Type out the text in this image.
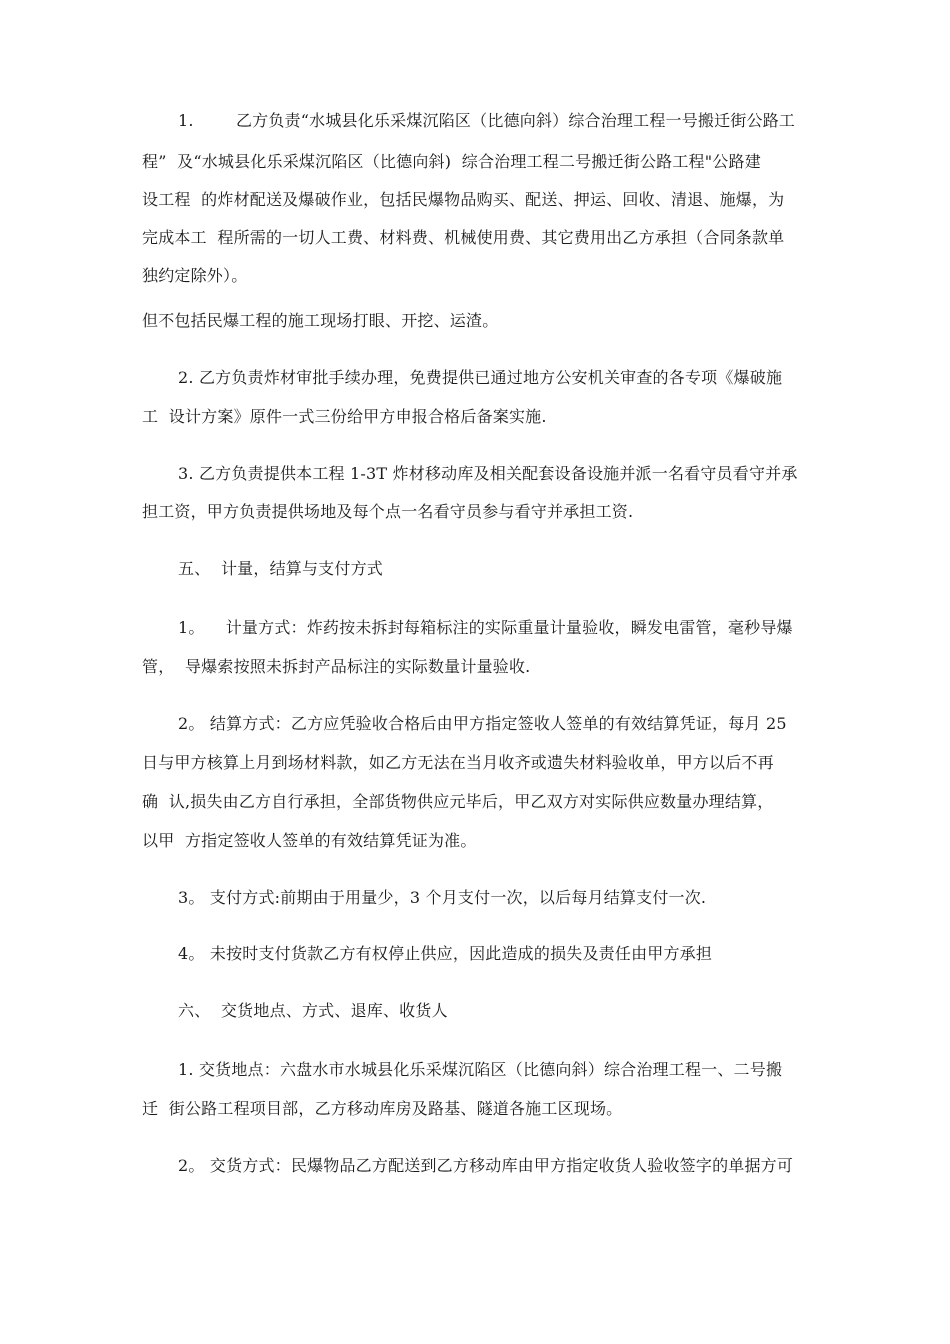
1.        乙方负责“水城县化乐采煤沉陷区（比德向斜）综合治理工程一号搬迁街公路工
程”  及“水城县化乐采煤沉陷区（比德向斜)  综合治理工程二号搬迁街公路工程"公路建
设工程  的炸材配送及爆破作业，包括民爆物品购买、配送、押运、回收、清退、施爆，为
完成本工  程所需的一切人工费、材料费、机械使用费、其它费用出乙方承担（合同条款单
独约定除外）。
但不包括民爆工程的施工现场打眼、开挖、运渣。
2. 乙方负责炸材审批手续办理，免费提供已通过地方公安机关审查的各专项《爆破施
工  设计方案》原件一式三份给甲方申报合格后备案实施.
3. 乙方负责提供本工程 1-3T 炸材移动库及相关配套设备设施并派一名看守员看守并承
担工资，甲方负责提供场地及每个点一名看守员参与看守并承担工资.
五、  计量，结算与支付方式
1。    计量方式：炸药按未拆封每箱标注的实际重量计量验收，瞬发电雷管，毫秒导爆
管，  导爆索按照未拆封产品标注的实际数量计量验收.
2。 结算方式：乙方应凭验收合格后由甲方指定签收人签单的有效结算凭证，每月 25
日与甲方核算上月到场材料款，如乙方无法在当月收齐或遗失材料验收单，甲方以后不再
确  认,损失由乙方自行承担，全部货物供应元毕后，甲乙双方对实际供应数量办理结算，
以甲  方指定签收人签单的有效结算凭证为准。
3。 支付方式:前期由于用量少，3 个月支付一次，以后每月结算支付一次.
4。 未按时支付货款乙方有权停止供应，因此造成的损失及责任由甲方承担
六、  交货地点、方式、退库、收货人
1. 交货地点：六盘水市水城县化乐采煤沉陷区（比德向斜）综合治理工程一、二号搬
迁  街公路工程项目部，乙方移动库房及路基、隧道各施工区现场。
2。 交货方式：民爆物品乙方配送到乙方移动库由甲方指定收货人验收签字的单据方可
